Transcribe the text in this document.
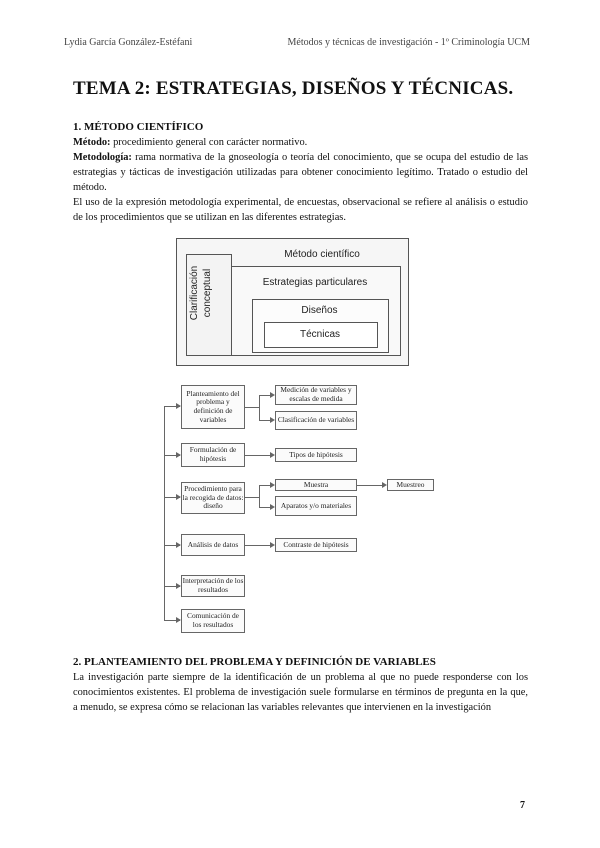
Lydia García González-Estéfani	Métodos y técnicas de investigación - 1º Criminología UCM
TEMA 2: ESTRATEGIAS, DISEÑOS Y TÉCNICAS.
1. MÉTODO CIENTÍFICO

Método: procedimiento general con carácter normativo.
Metodología: rama normativa de la gnoseología o teoría del conocimiento, que se ocupa del estudio de las estrategias y tácticas de investigación utilizadas para obtener conocimiento legítimo. Tratado o estudio del método.
El uso de la expresión metodología experimental, de encuestas, observacional se refiere al análisis o estudio de los procedimientos que se utilizan en las diferentes estrategias.

Método científico
Clarificación conceptual	Estrategias particulares
Diseños
Técnicas
Planteamiento del problema y definición de variables
Formulación de hipótesis
Procedimiento para la recogida de datos: diseño
Análisis de datos
Interpretación de los resultados
Comunicación de los resultados
Medición de variables y escalas de medida
Clasificación de variables
Tipos de hipótesis
Muestra
Aparatos y/o materiales
Muestreo
Contraste de hipótesis
2. PLANTEAMIENTO DEL PROBLEMA Y DEFINICIÓN DE VARIABLES

La investigación parte siempre de la identificación de un problema al que no puede responderse con los conocimientos existentes. El problema de investigación suele formularse en términos de pregunta en la que, a menudo, se expresa cómo se relacionan las variables relevantes que intervienen en la investigación

7
